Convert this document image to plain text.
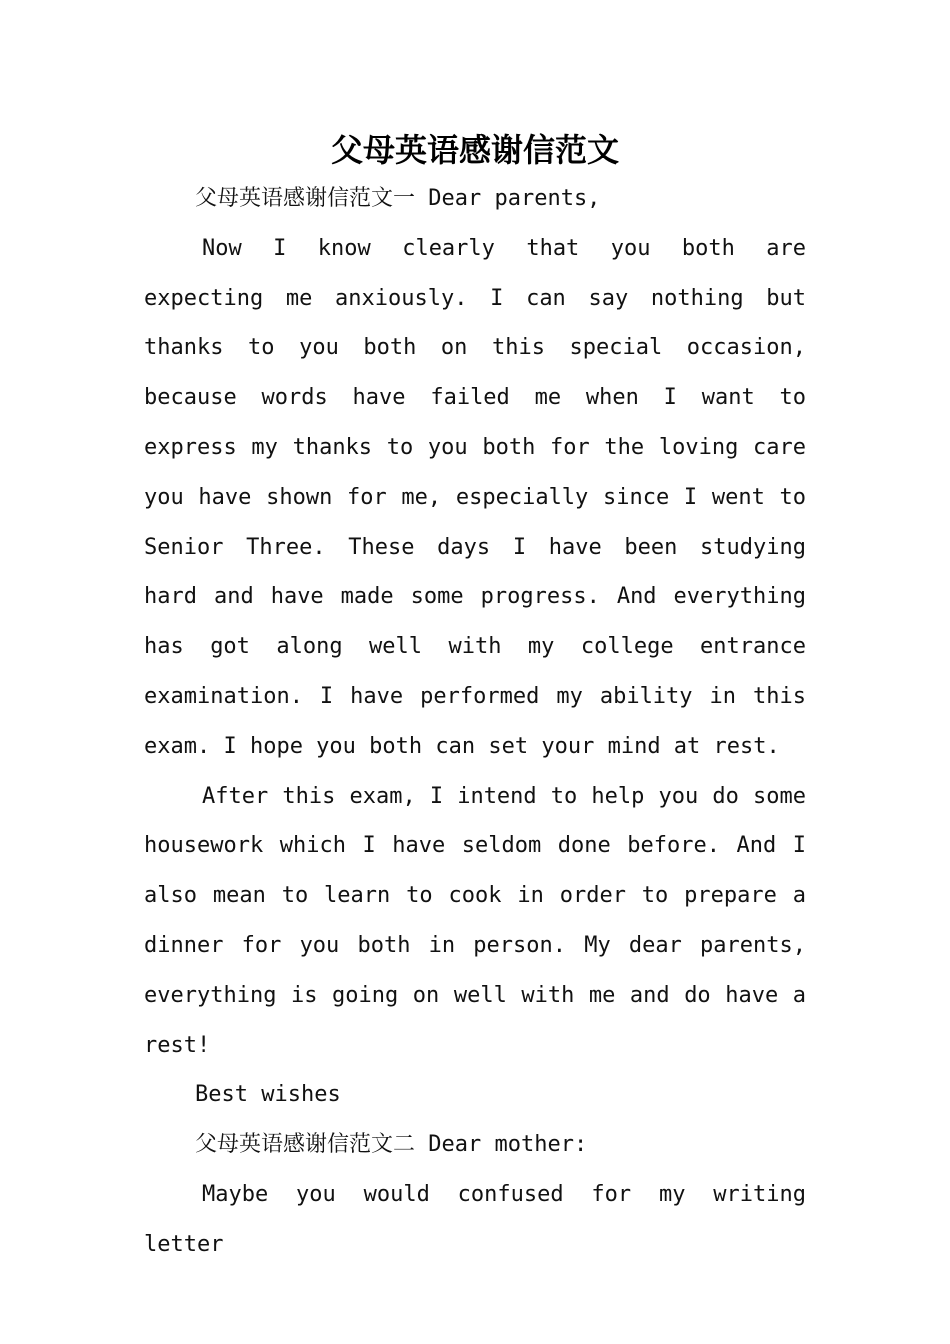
父母英语感谢信范文

父母英语感谢信范文一 Dear parents,

Now I know clearly that you both are expecting me anxiously. I can say nothing but thanks to you both on this special occasion, because words have failed me when I want to express my thanks to you both for the loving care you have shown for me, especially since I went to Senior Three. These days I have been studying hard and have made some progress. And everything has got along well with my college entrance examination. I have performed my ability in this exam. I hope you both can set your mind at rest.

After this exam, I intend to help you do some housework which I have seldom done before. And I also mean to learn to cook in order to prepare a dinner for you both in person. My dear parents, everything is going on well with me and do have a rest!

Best wishes

父母英语感谢信范文二 Dear mother:

Maybe you would confused for my writing letter
